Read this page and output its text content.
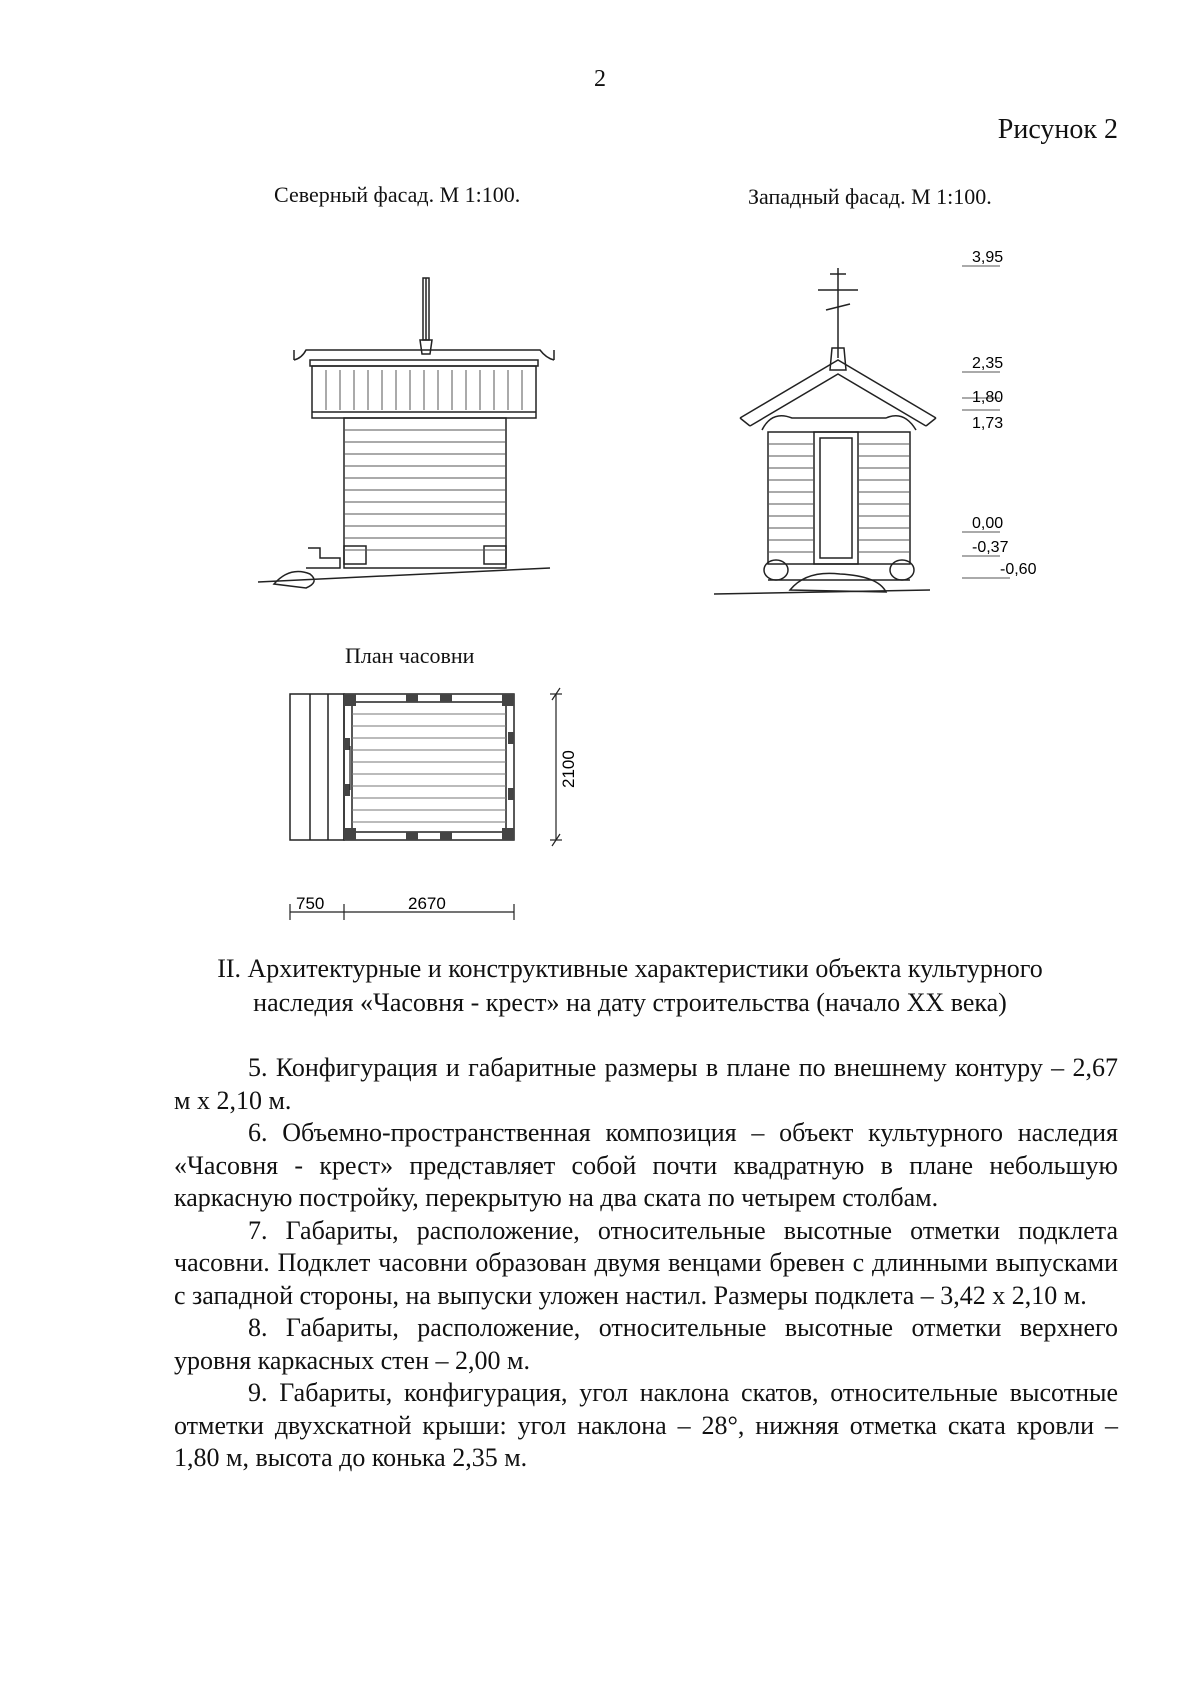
2
Рисунок 2
Северный фасад. М 1:100.	Западный фасад. М 1:100.
3,95
2,35
1,80
1,73
0,00
-0,37
-0,60
План часовни
2100
750	2670
II. Архитектурные и конструктивные характеристики объекта культурного
наследия «Часовня - крест» на дату строительства (начало XX века)

5. Конфигурация и габаритные размеры в плане по внешнему контуру – 2,67 м х 2,10 м.

6. Объемно-пространственная композиция – объект культурного наследия «Часовня - крест» представляет собой почти квадратную в плане небольшую каркасную постройку, перекрытую на два ската по четырем столбам.

7. Габариты, расположение, относительные высотные отметки подклета часовни. Подклет часовни образован двумя венцами бревен с длинными выпусками с западной стороны, на выпуски уложен настил. Размеры подклета – 3,42 х 2,10 м.

8. Габариты, расположение, относительные высотные отметки верхнего уровня каркасных стен – 2,00 м.

9. Габариты, конфигурация, угол наклона скатов, относительные высотные отметки двухскатной крыши: угол наклона – 28°, нижняя отметка ската кровли – 1,80 м, высота до конька 2,35 м.
